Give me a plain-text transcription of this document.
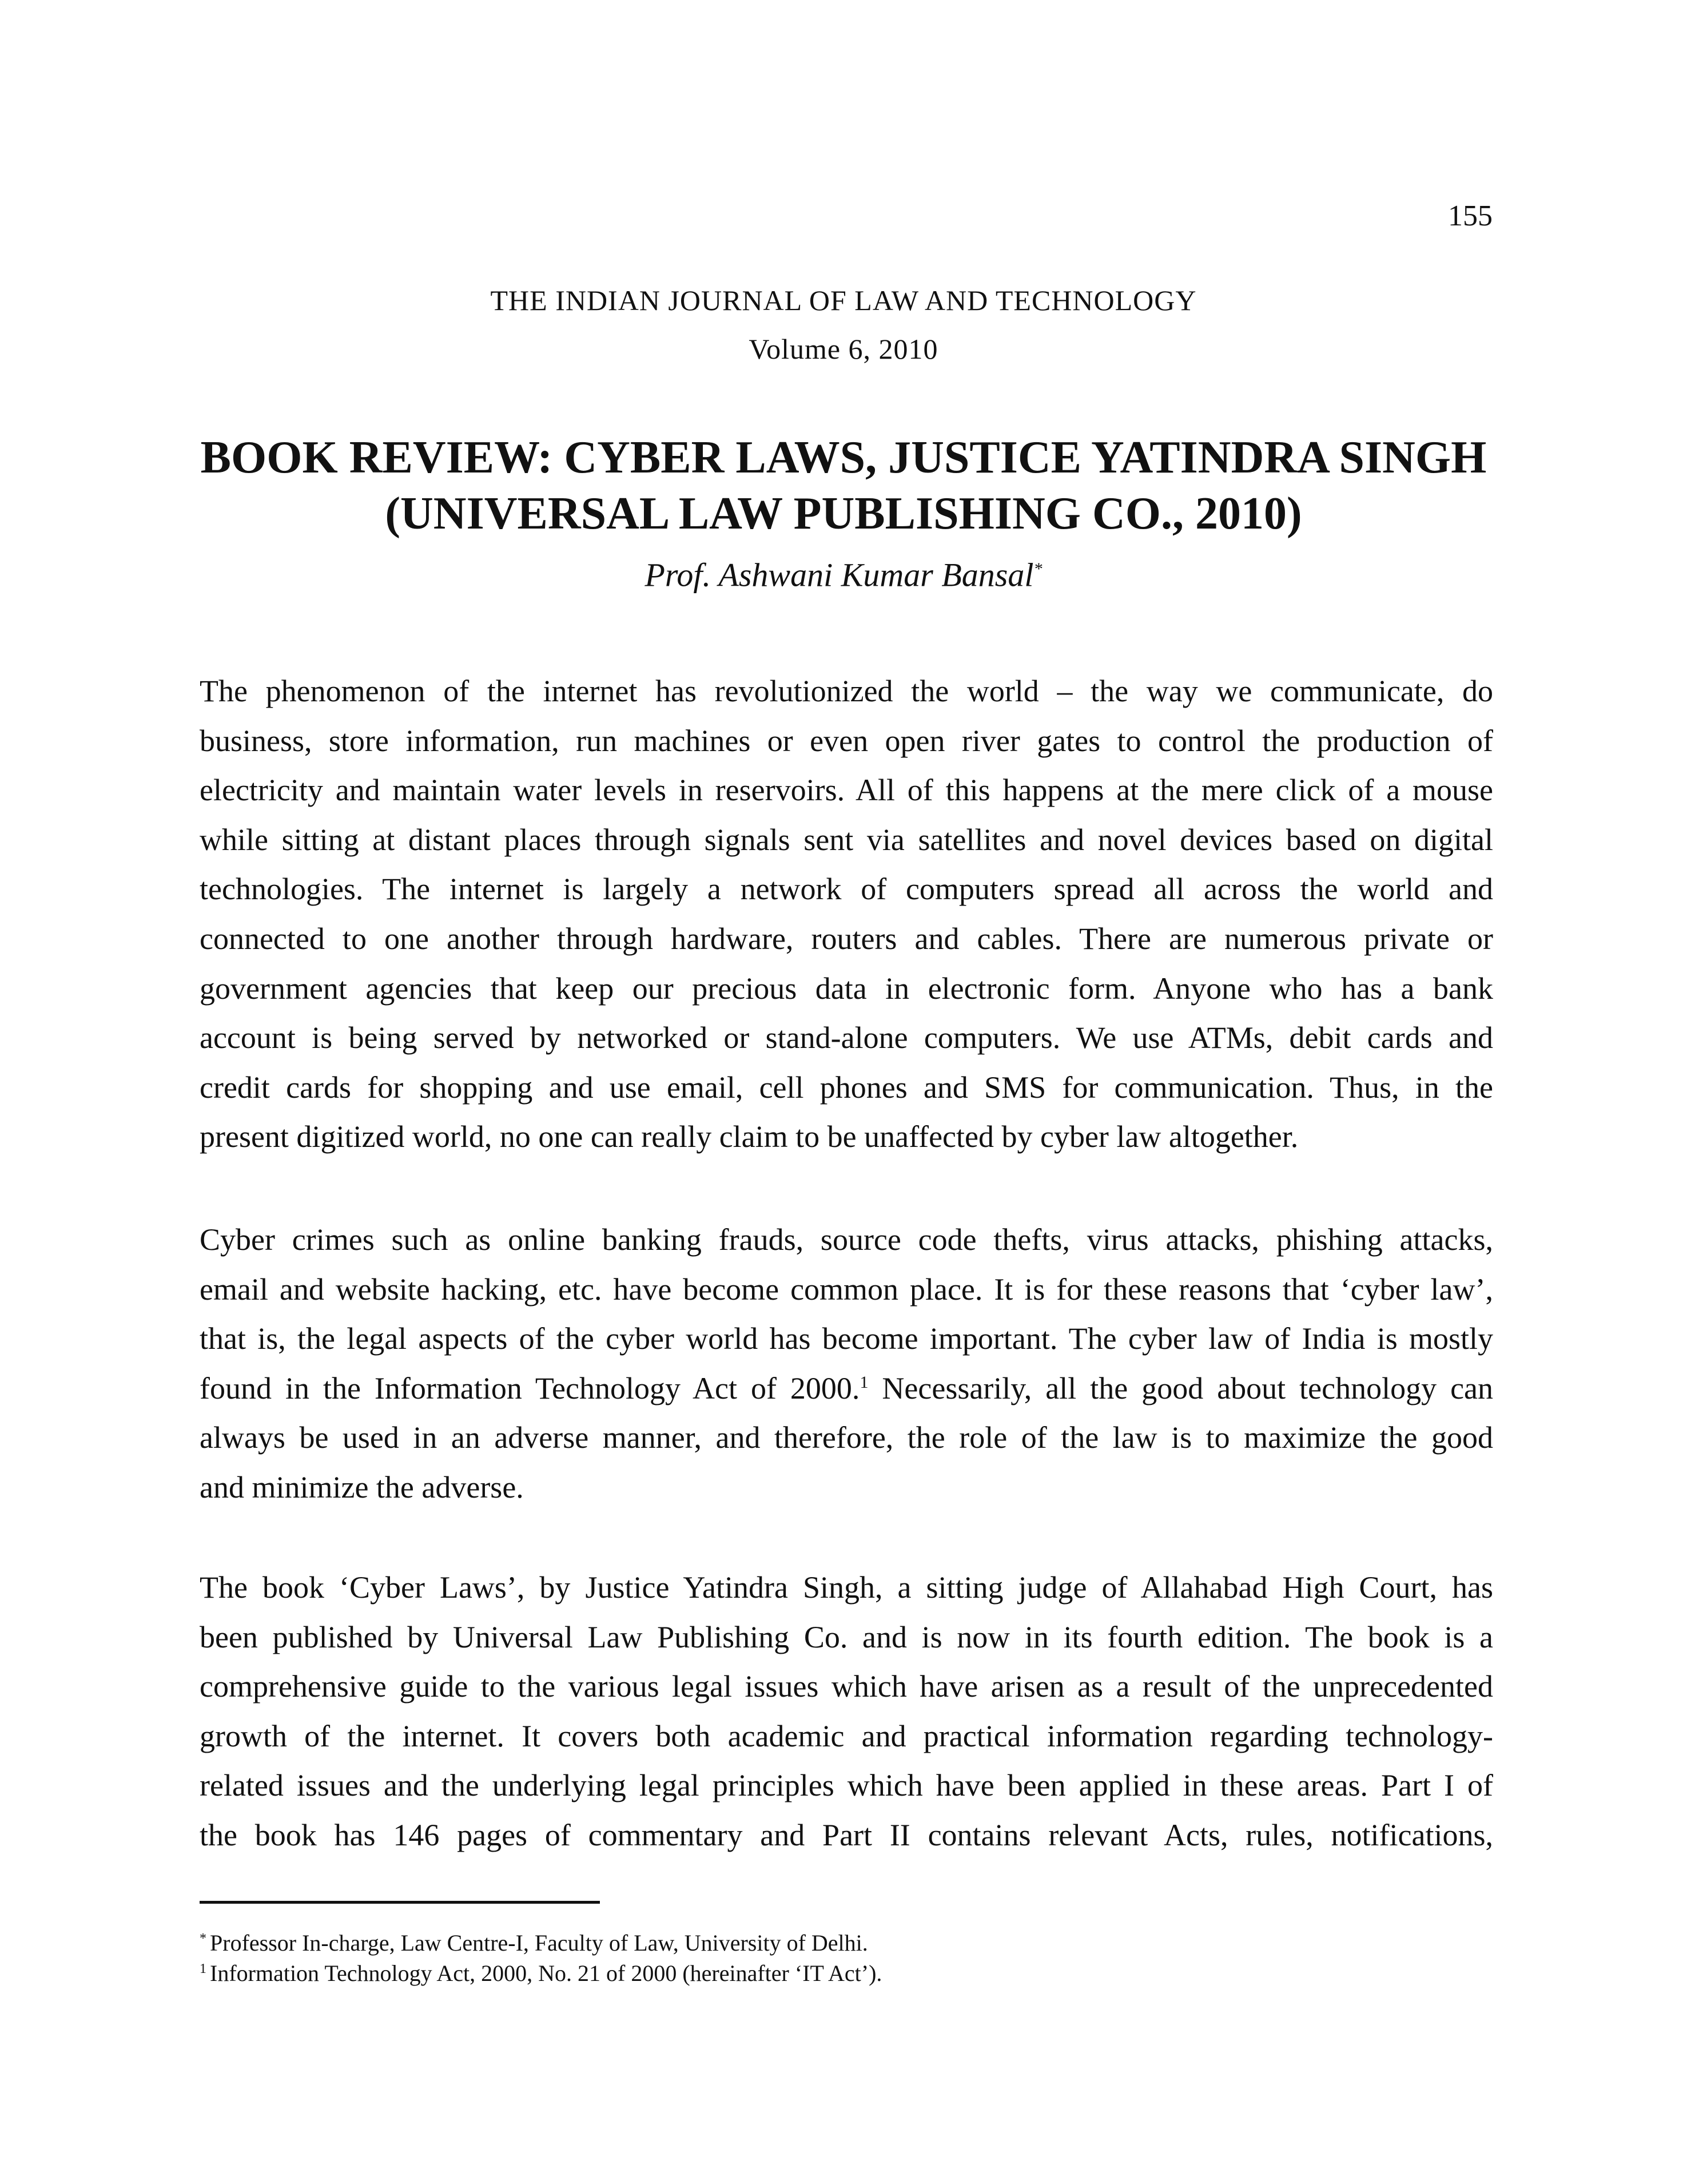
155
THE INDIAN JOURNAL OF LAW AND TECHNOLOGY
Volume 6, 2010
BOOK REVIEW: CYBER LAWS, JUSTICE YATINDRA SINGH
(UNIVERSAL LAW PUBLISHING CO., 2010)
Prof. Ashwani Kumar Bansal*
The phenomenon of the internet has revolutionized the world – the way we communicate, do
business, store information, run machines or even open river gates to control the production of
electricity and maintain water levels in reservoirs. All of this happens at the mere click of a mouse
while sitting at distant places through signals sent via satellites and novel devices based on digital
technologies. The internet is largely a network of computers spread all across the world and
connected to one another through hardware, routers and cables. There are numerous private or
government agencies that keep our precious data in electronic form. Anyone who has a bank
account is being served by networked or stand-alone computers. We use ATMs, debit cards and
credit cards for shopping and use email, cell phones and SMS for communication. Thus, in the
present digitized world, no one can really claim to be unaffected by cyber law altogether.
Cyber crimes such as online banking frauds, source code thefts, virus attacks, phishing attacks,
email and website hacking, etc. have become common place. It is for these reasons that ‘cyber law’,
that is, the legal aspects of the cyber world has become important. The cyber law of India is mostly
found in the Information Technology Act of 2000.$^1$ Necessarily, all the good about technology can
always be used in an adverse manner, and therefore, the role of the law is to maximize the good
and minimize the adverse.
The book ‘Cyber Laws’, by Justice Yatindra Singh, a sitting judge of Allahabad High Court, has
been published by Universal Law Publishing Co. and is now in its fourth edition. The book is a
comprehensive guide to the various legal issues which have arisen as a result of the unprecedented
growth of the internet. It covers both academic and practical information regarding technology-
related issues and the underlying legal principles which have been applied in these areas. Part I of
the book has 146 pages of commentary and Part II contains relevant Acts, rules, notifications,
* Professor In-charge, Law Centre-I, Faculty of Law, University of Delhi.
$^1$ Information Technology Act, 2000, No. 21 of 2000 (hereinafter ‘IT Act’).
